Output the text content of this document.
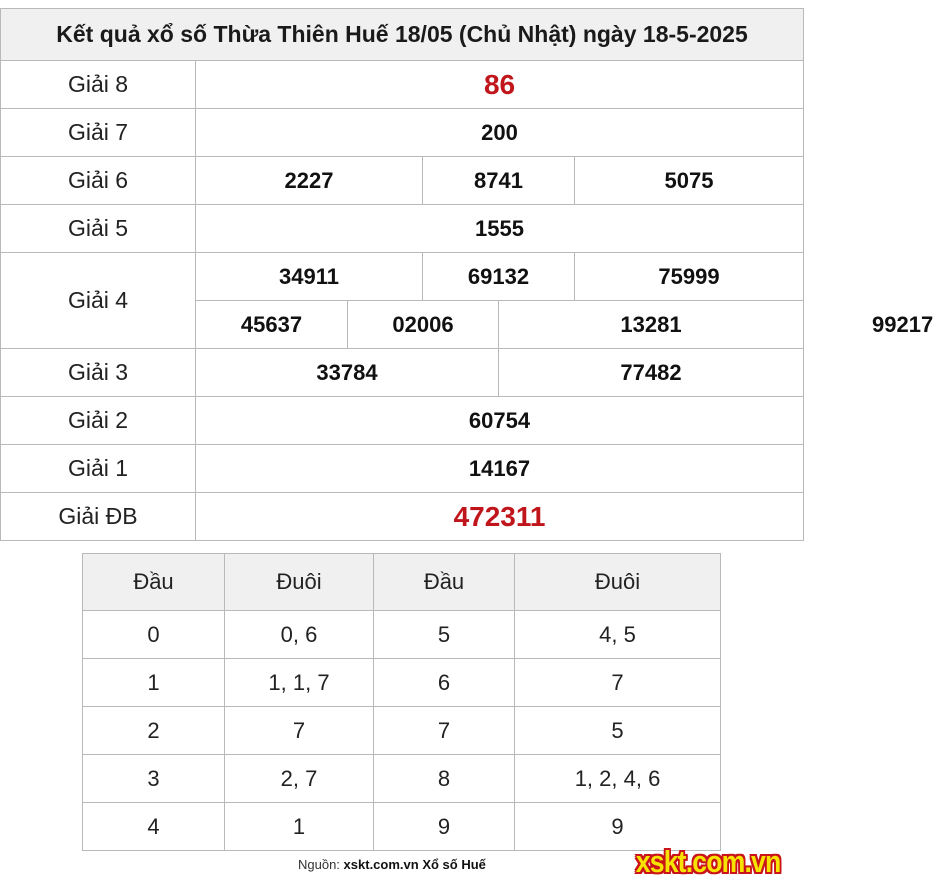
Kết quả xổ số Thừa Thiên Huế 18/05 (Chủ Nhật) ngày 18-5-2025						
Giải 8	86					
Giải 7	200					
Giải 6	2227		8741		5075	
Giải 5	1555					
Giải 4	34911		69132		75999	
	45637	02006		13281		99217
Giải 3	33784			77482		
Giải 2	60754					
Giải 1	14167					
Giải ĐB	472311					
Đầu	Đuôi	Đầu	Đuôi
0	0, 6	5	4, 5
1	1, 1, 7	6	7
2	7	7	5
3	2, 7	8	1, 2, 4, 6
4	1	9	9
Nguồn: xskt.com.vn Xổ số Huế	xskt.com.vn
